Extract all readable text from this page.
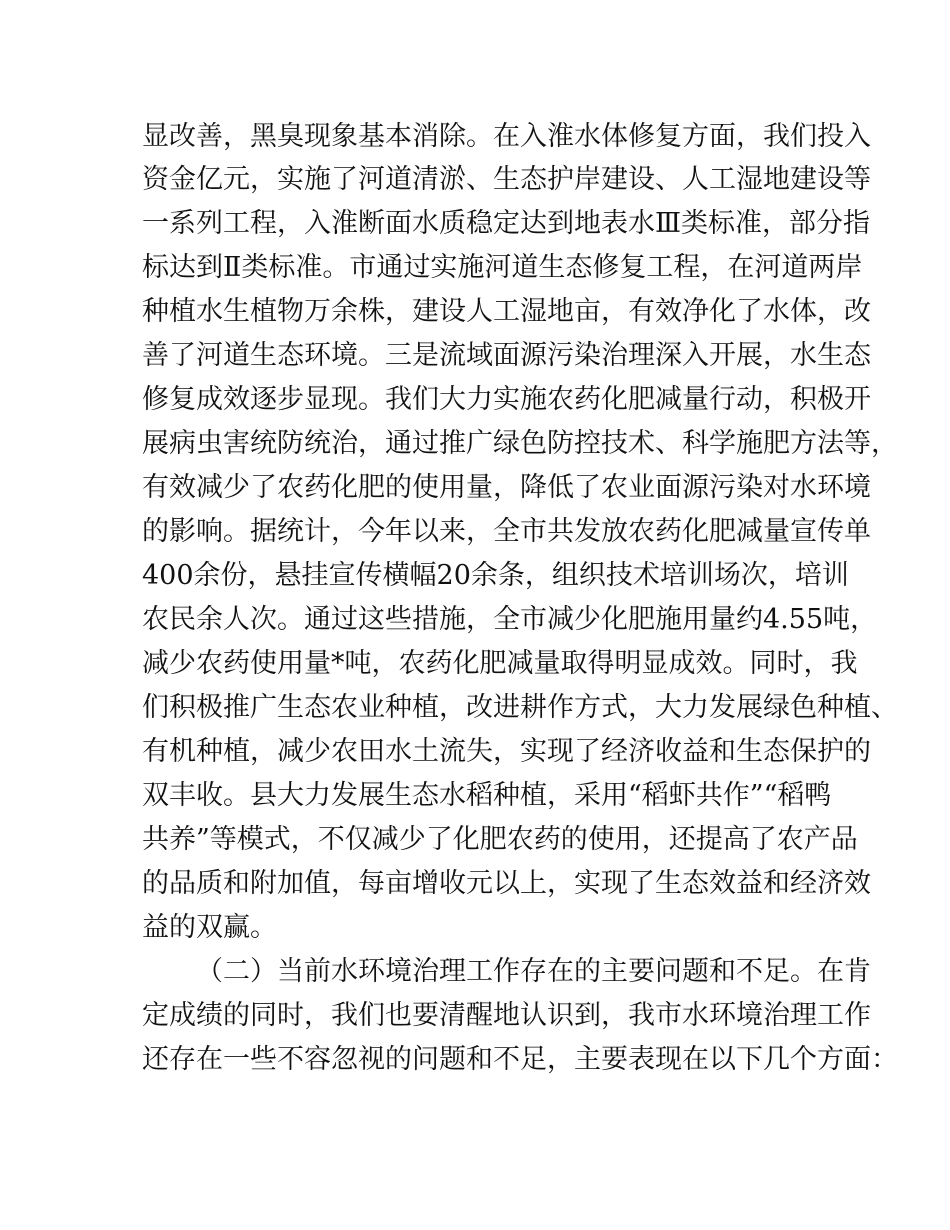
显改善，黑臭现象基本消除。在入淮水体修复方面，我们投入
资金亿元，实施了河道清淤、生态护岸建设、人工湿地建设等
一系列工程，入淮断面水质稳定达到地表水Ⅲ类标准，部分指
标达到Ⅱ类标准。市通过实施河道生态修复工程，在河道两岸
种植水生植物万余株，建设人工湿地亩，有效净化了水体，改
善了河道生态环境。三是流域面源污染治理深入开展，水生态
修复成效逐步显现。我们大力实施农药化肥减量行动，积极开
展病虫害统防统治，通过推广绿色防控技术、科学施肥方法等，
有效减少了农药化肥的使用量，降低了农业面源污染对水环境
的影响。据统计，今年以来，全市共发放农药化肥减量宣传单
400余份，悬挂宣传横幅20余条，组织技术培训场次，培训
农民余人次。通过这些措施，全市减少化肥施用量约4.55吨，
减少农药使用量*吨，农药化肥减量取得明显成效。同时，我
们积极推广生态农业种植，改进耕作方式，大力发展绿色种植、
有机种植，减少农田水土流失，实现了经济收益和生态保护的
双丰收。县大力发展生态水稻种植，采用“稻虾共作”“稻鸭
共养”等模式，不仅减少了化肥农药的使用，还提高了农产品
的品质和附加值，每亩增收元以上，实现了生态效益和经济效
益的双赢。
（二）当前水环境治理工作存在的主要问题和不足。在肯
定成绩的同时，我们也要清醒地认识到，我市水环境治理工作
还存在一些不容忽视的问题和不足，主要表现在以下几个方面：
